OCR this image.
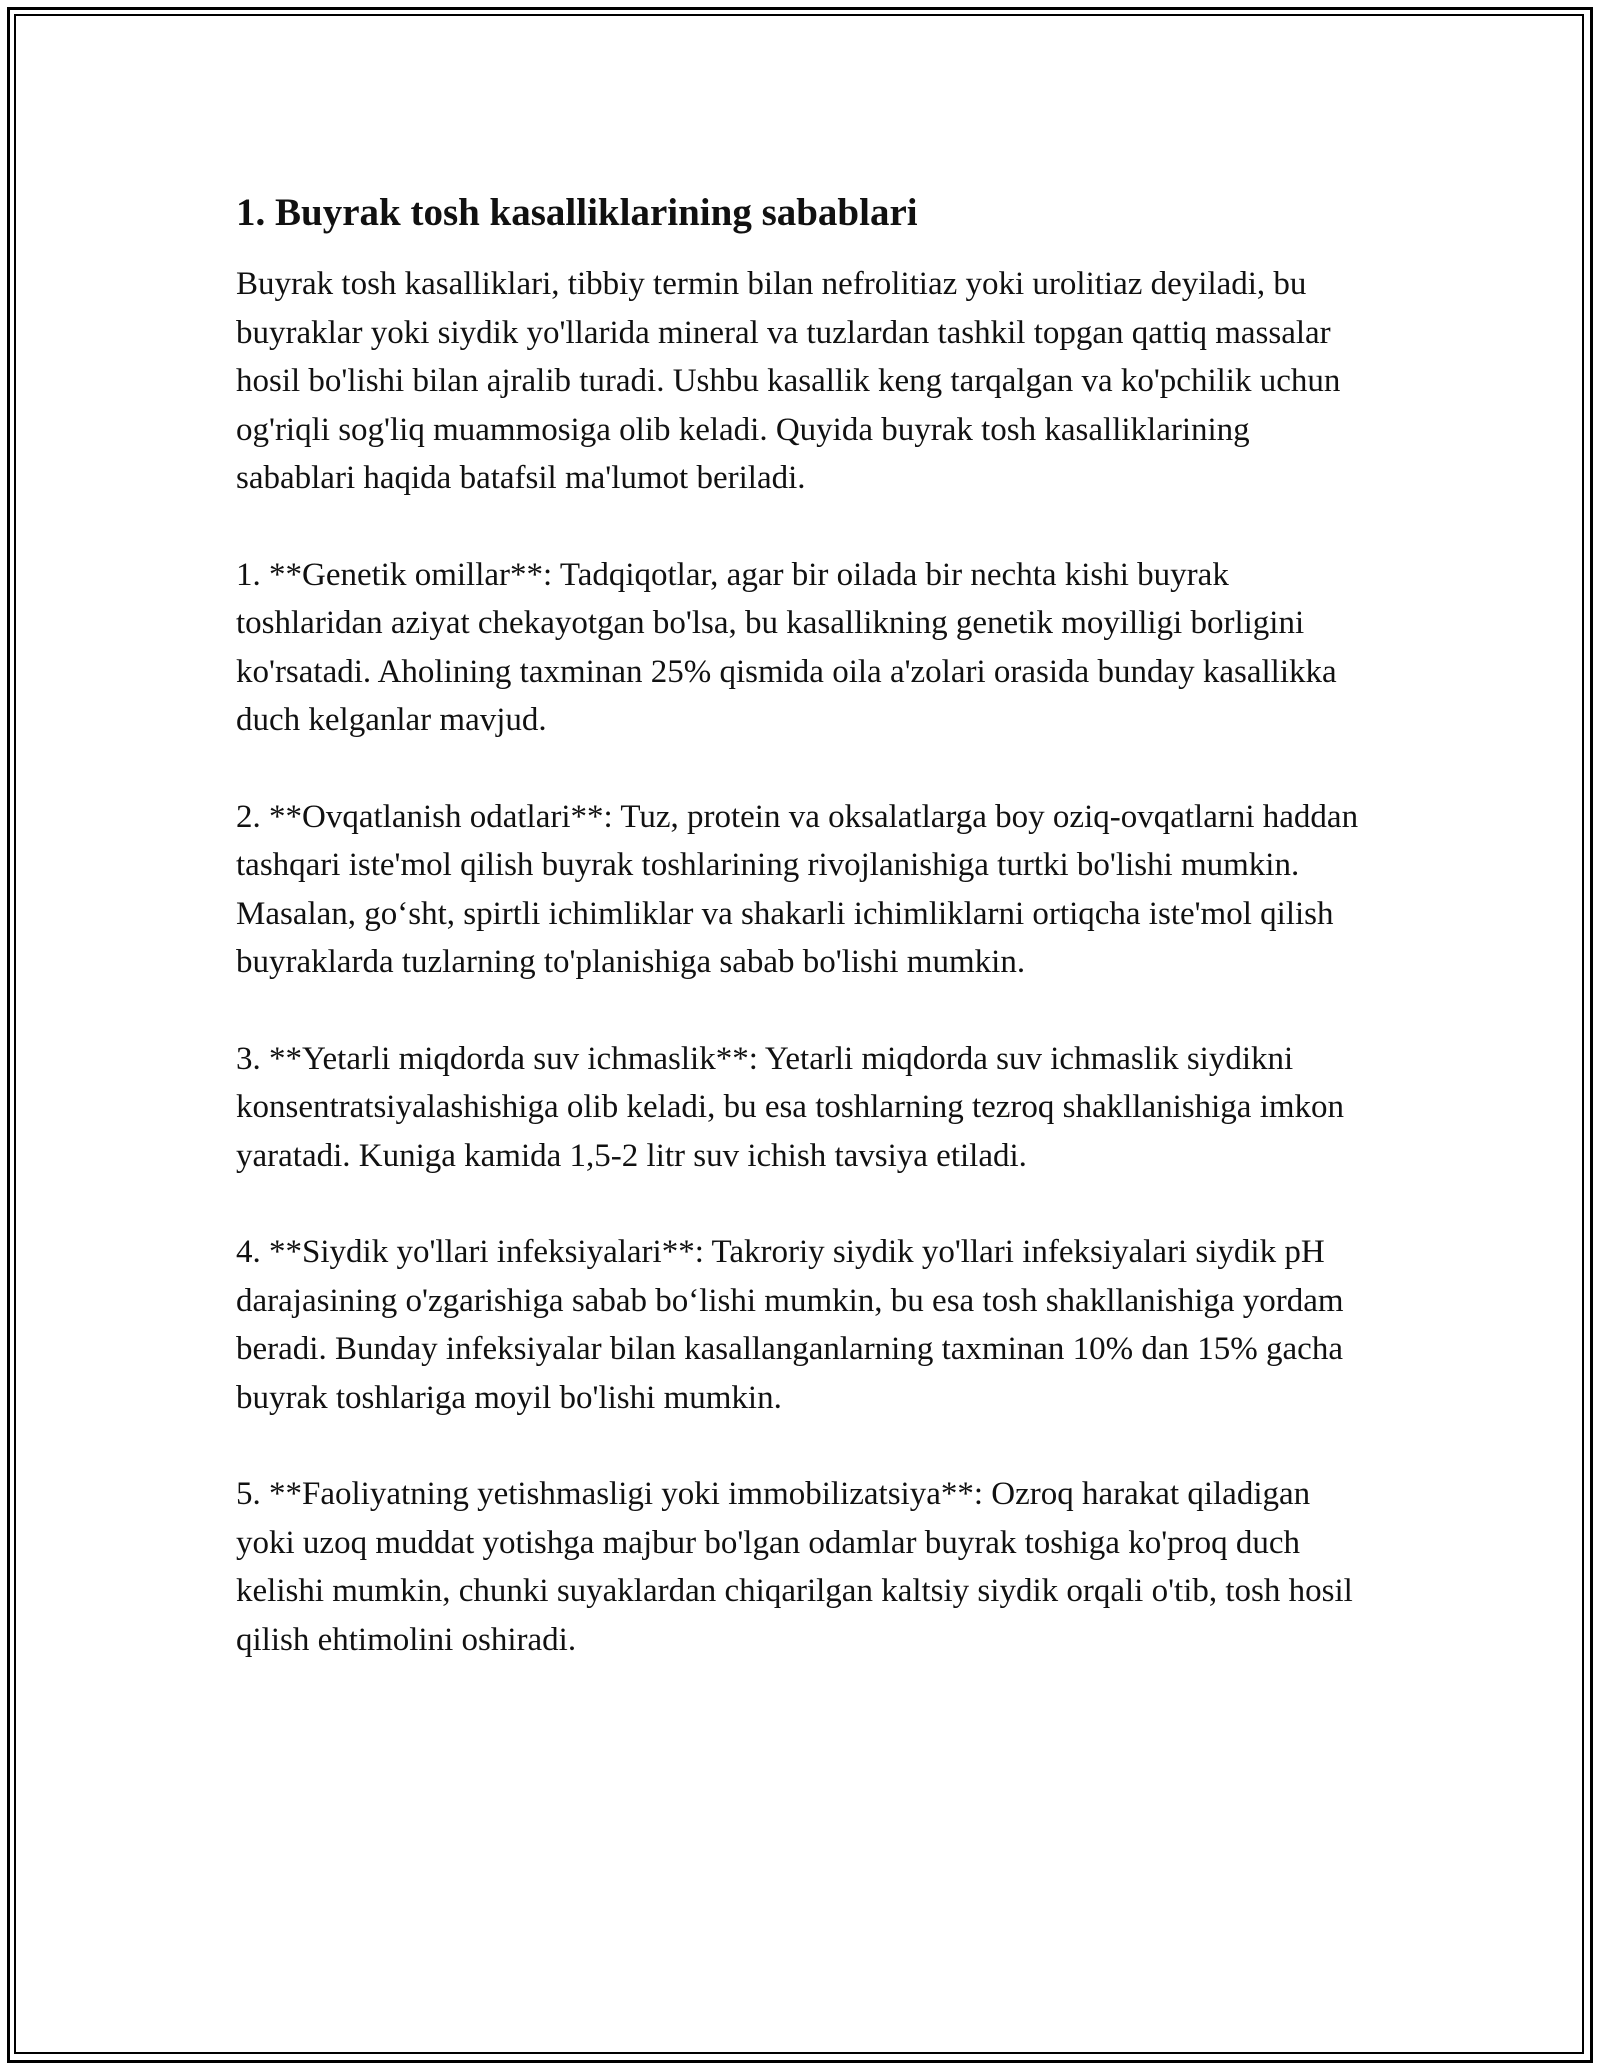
1. Buyrak tosh kasalliklarining sabablari

Buyrak tosh kasalliklari, tibbiy termin bilan nefrolitiaz yoki urolitiaz deyiladi, bu buyraklar yoki siydik yo'llarida mineral va tuzlardan tashkil topgan qattiq massalar hosil bo'lishi bilan ajralib turadi. Ushbu kasallik keng tarqalgan va ko'pchilik uchun og'riqli sog'liq muammosiga olib keladi. Quyida buyrak tosh kasalliklarining sabablari haqida batafsil ma'lumot beriladi.

1. **Genetik omillar**: Tadqiqotlar, agar bir oilada bir nechta kishi buyrak toshlaridan aziyat chekayotgan bo'lsa, bu kasallikning genetik moyilligi borligini ko'rsatadi. Aholining taxminan 25% qismida oila a'zolari orasida bunday kasallikka duch kelganlar mavjud.

2. **Ovqatlanish odatlari**: Tuz, protein va oksalatlarga boy oziq-ovqatlarni haddan tashqari iste'mol qilish buyrak toshlarining rivojlanishiga turtki bo'lishi mumkin. Masalan, go‘sht, spirtli ichimliklar va shakarli ichimliklarni ortiqcha iste'mol qilish buyraklarda tuzlarning to'planishiga sabab bo'lishi mumkin.

3. **Yetarli miqdorda suv ichmaslik**: Yetarli miqdorda suv ichmaslik siydikni konsentratsiyalashishiga olib keladi, bu esa toshlarning tezroq shakllanishiga imkon yaratadi. Kuniga kamida 1,5-2 litr suv ichish tavsiya etiladi.

4. **Siydik yo'llari infeksiyalari**: Takroriy siydik yo'llari infeksiyalari siydik pH darajasining o'zgarishiga sabab bo‘lishi mumkin, bu esa tosh shakllanishiga yordam beradi. Bunday infeksiyalar bilan kasallanganlarning taxminan 10% dan 15% gacha buyrak toshlariga moyil bo'lishi mumkin.

5. **Faoliyatning yetishmasligi yoki immobilizatsiya**: Ozroq harakat qiladigan yoki uzoq muddat yotishga majbur bo'lgan odamlar buyrak toshiga ko'proq duch kelishi mumkin, chunki suyaklardan chiqarilgan kaltsiy siydik orqali o'tib, tosh hosil qilish ehtimolini oshiradi.
